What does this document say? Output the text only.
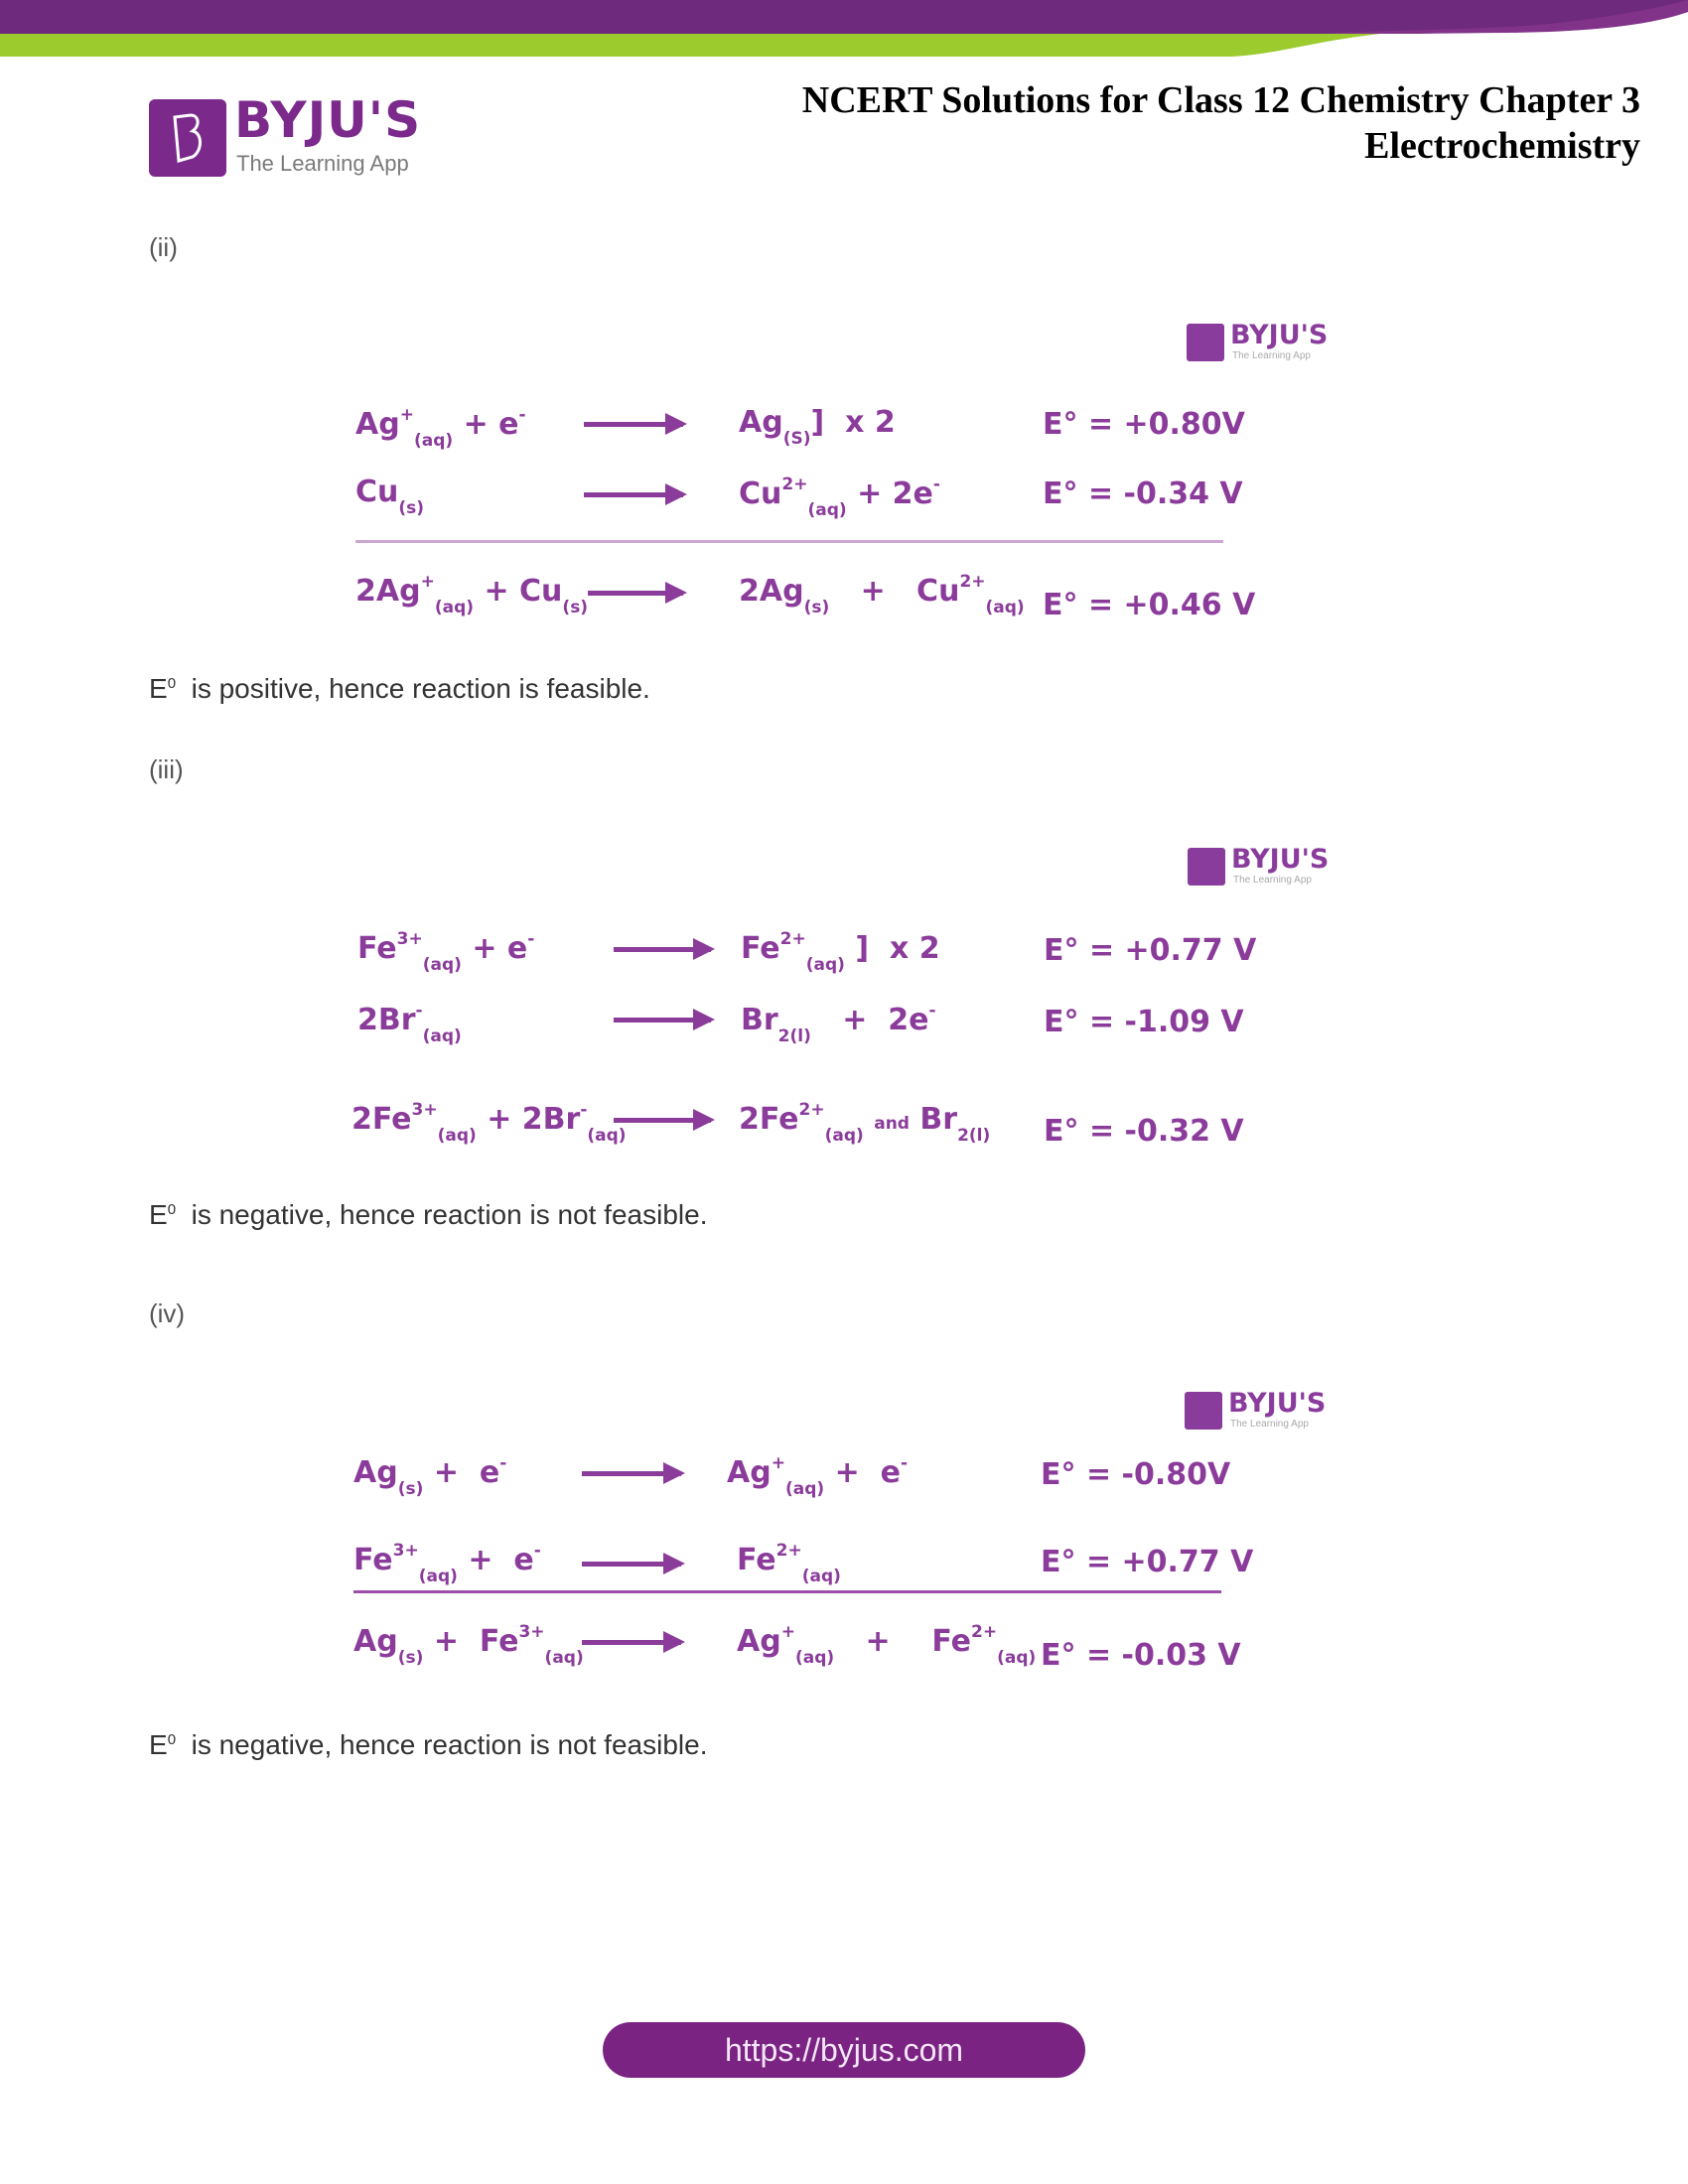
BYJU'S
The Learning App
NCERT Solutions for Class 12 Chemistry Chapter 3
Electrochemistry
(ii)
BYJU'S
The Learning App
$Ag^+_{(aq)} + e^-$	$Ag_{(S)}$]  x 2	E° = +0.80V
$Cu_{(s)}$	$Cu^{2+}_{(aq)} + 2e^-$	E° = -0.34 V
$2Ag^+_{(aq)} + Cu_{(s)}$	$2Ag_{(s)} + Cu^{2+}_{(aq)}$ E° = +0.46 V
$E^0$ is positive, hence reaction is feasible.
(iii)
BYJU'S
The Learning App
$Fe^{3+}_{(aq)} + e^-$	$Fe^{2+}_{(aq)}$ ]  x 2	E° = +0.77 V
$2Br^-_{(aq)}$	$Br_{2(l)} + 2e^-$	E° = -1.09 V
$2Fe^{3+}_{(aq)} + 2Br^-_{(aq)}$	$2Fe^{2+}_{(aq)}$ and $Br_{2(l)}$ E° = -0.32 V
$E^0$ is negative, hence reaction is not feasible.
(iv)
BYJU'S
The Learning App
$Ag_{(s)} + e^-$	$Ag^+_{(aq)} + e^-$	E° = -0.80V
$Fe^{3+}_{(aq)} + e^-$	$Fe^{2+}_{(aq)}$	E° = +0.77 V
$Ag_{(s)} + Fe^{3+}_{(aq)}$	$Ag^+_{(aq)}$   +    $Fe^{2+}_{(aq)}$ E° = -0.03 V
$E^0$ is negative, hence reaction is not feasible.
https://byjus.com
